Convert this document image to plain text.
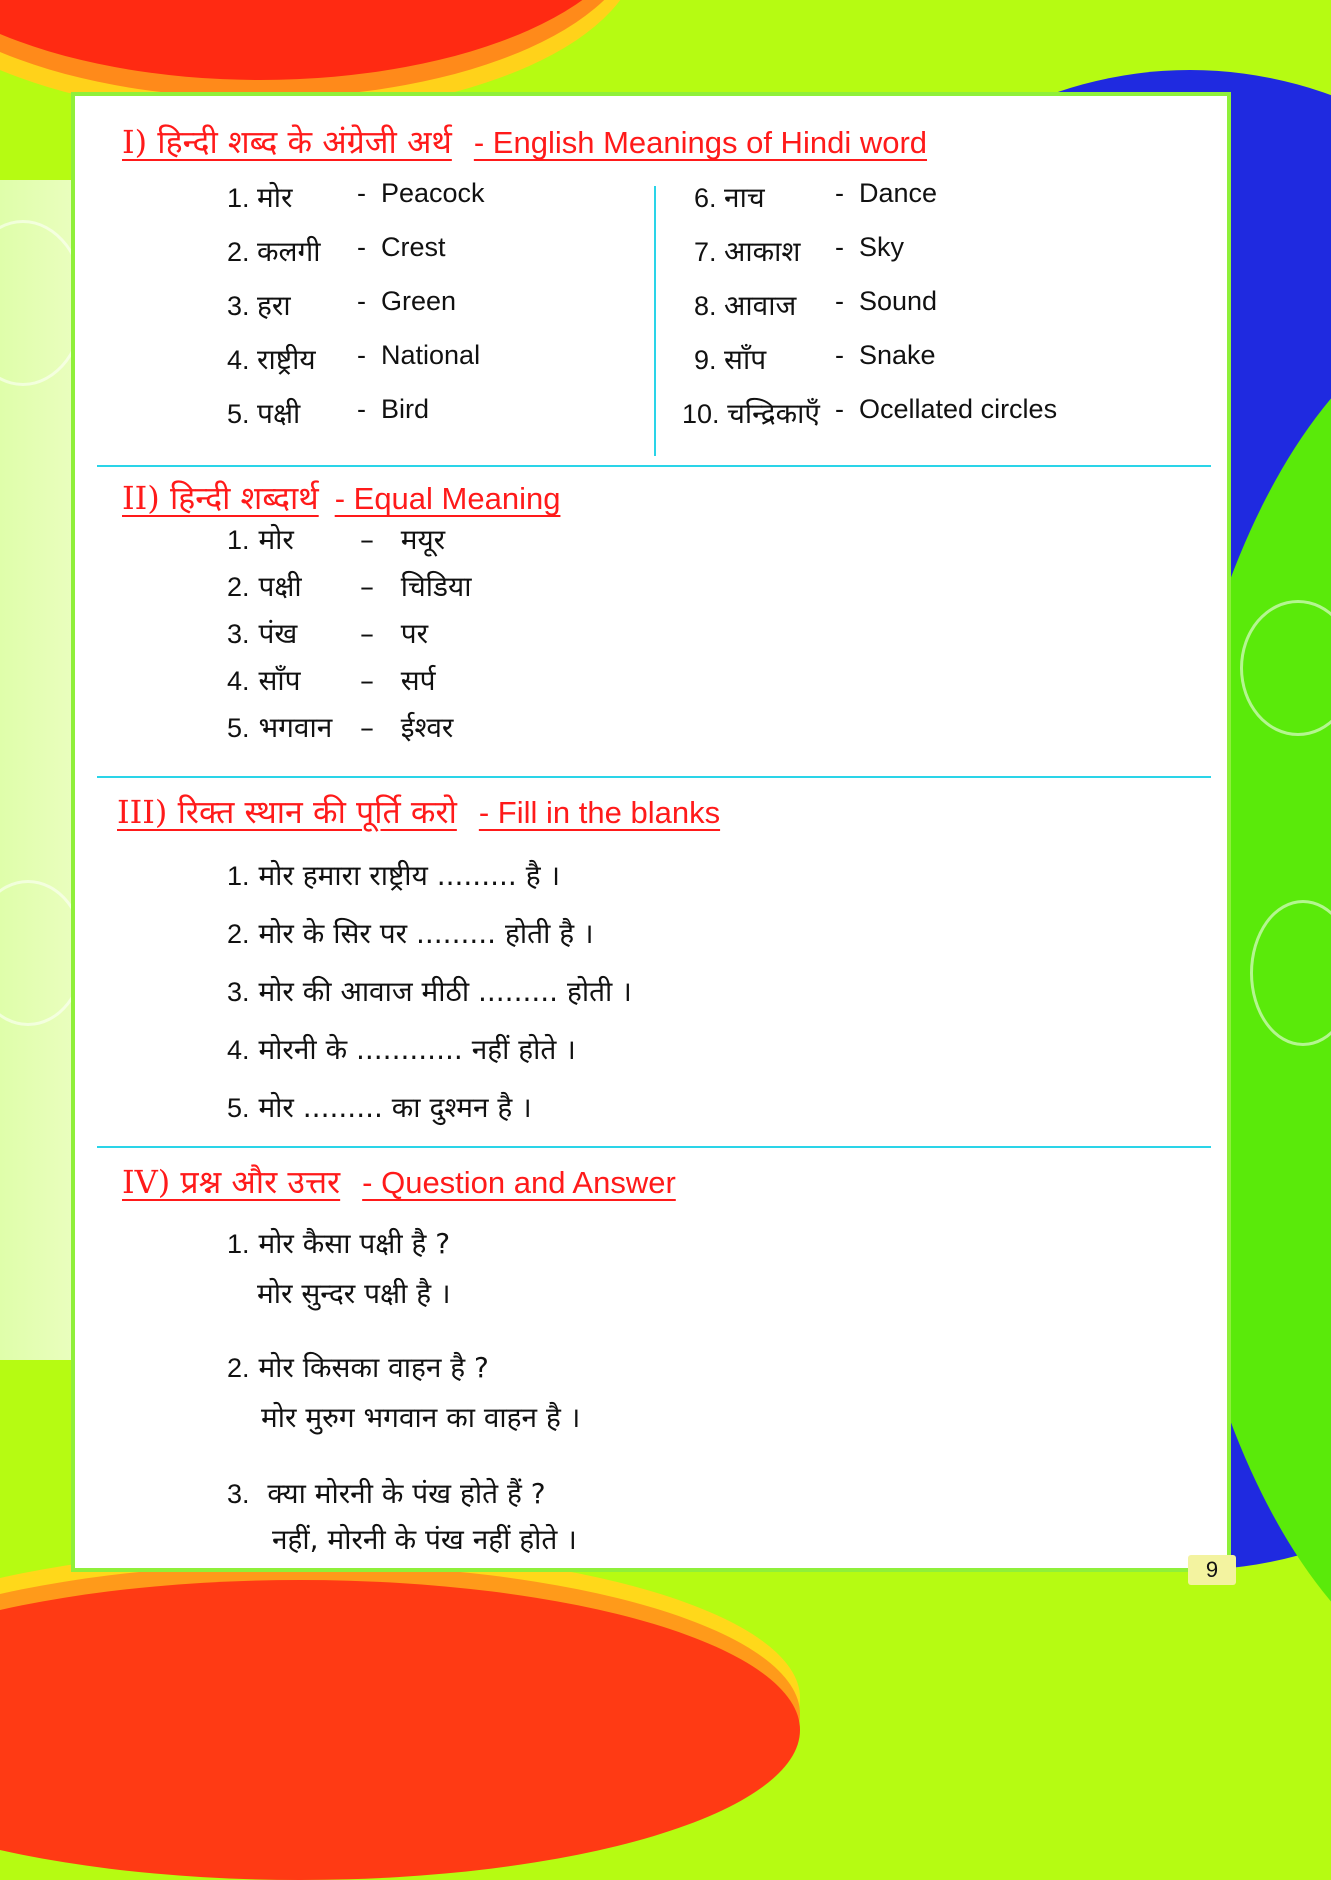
I) हिन्दी शब्द के अंग्रेजी अर्थ - English Meanings of Hindi word
1. मोर
2. कलगी
3. हरा
4. राष्ट्रीय
5. पक्षी
-  Peacock
-  Crest
-  Green
-  National
-  Bird
6. नाच
7. आकाश
8. आवाज
9. साँप
10. चन्द्रिकाएँ
-  Dance
-  Sky
-  Sound
-  Snake
-  Ocellated circles
II) हिन्दी शब्दार्थ - Equal Meaning
1. मोर
2. पक्षी
3. पंख
4. साँप
5. भगवान
–   मयूर
–   चिडिया
–   पर
–   सर्प
–   ईश्वर
III) रिक्त स्थान की पूर्ति करो - Fill in the blanks
1. मोर हमारा राष्ट्रीय ......... है ।
2. मोर के सिर पर ......... होती है ।
3. मोर की आवाज मीठी ......... होती ।
4. मोरनी के ............ नहीं होते ।
5. मोर ......... का दुश्मन है ।
IV) प्रश्न और उत्तर - Question and Answer
1. मोर कैसा पक्षी है ?
मोर सुन्दर पक्षी है ।
2. मोर किसका वाहन है ?
मोर मुरुग भगवान का वाहन है ।
3. क्या मोरनी के पंख होते हैं ?
नहीं, मोरनी के पंख नहीं होते ।
9
